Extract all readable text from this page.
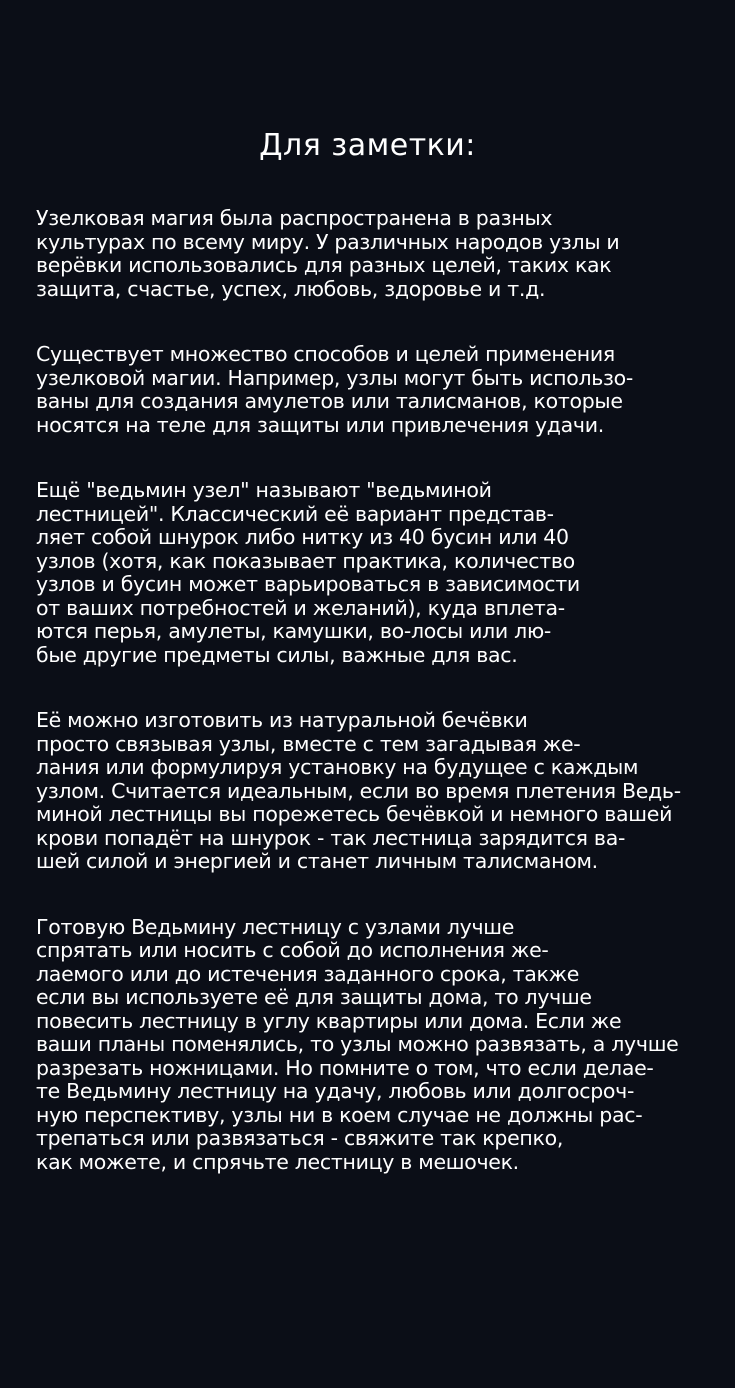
Для заметки:

Узелковая магия была распространена в разных
культурах по всему миру. У различных народов узлы и
верёвки использовались для разных целей, таких как
защита, счастье, успех, любовь, здоровье и т.д.

Существует множество способов и целей применения
узелковой магии. Например, узлы могут быть использо-
ваны для создания амулетов или талисманов, которые
носятся на теле для защиты или привлечения удачи.

Ещё "ведьмин узел" называют "ведьминой
лестницей". Классический её вариант представ-
ляет собой шнурок либо нитку из 40 бусин или 40
узлов (хотя, как показывает практика, количество
узлов и бусин может варьироваться в зависимости
от ваших потребностей и желаний), куда вплета-
ются перья, амулеты, камушки, во-лосы или лю-
бые другие предметы силы, важные для вас.

Её можно изготовить из натуральной бечёвки
просто связывая узлы, вместе с тем загадывая же-
лания или формулируя установку на будущее с каждым
узлом. Считается идеальным, если во время плетения Ведь-
миной лестницы вы порежетесь бечёвкой и немного вашей
крови попадёт на шнурок - так лестница зарядится ва-
шей силой и энергией и станет личным талисманом.

Готовую Ведьмину лестницу с узлами лучше
спрятать или носить с собой до исполнения же-
лаемого или до истечения заданного срока, также
если вы используете её для защиты дома, то лучше
повесить лестницу в углу квартиры или дома. Если же
ваши планы поменялись, то узлы можно развязать, а лучше
разрезать ножницами. Но помните о том, что если делае-
те Ведьмину лестницу на удачу, любовь или долгосроч-
ную перспективу, узлы ни в коем случае не должны рас-
трепаться или развязаться - свяжите так крепко,
как можете, и спрячьте лестницу в мешочек.
